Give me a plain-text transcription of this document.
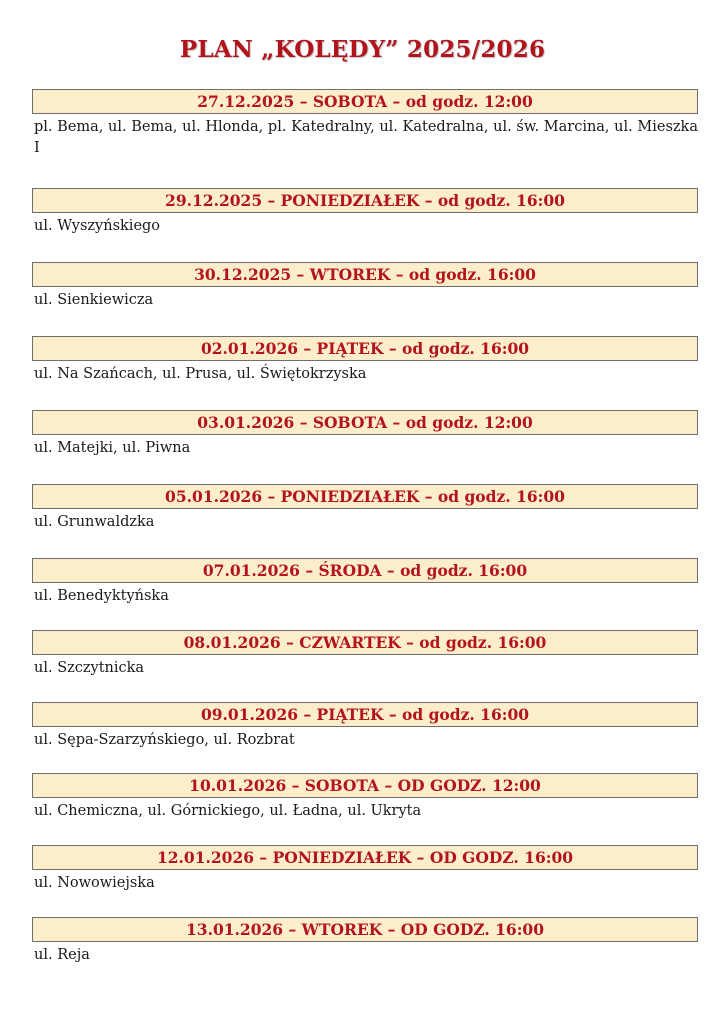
PLAN „KOLĘDY” 2025/2026
27.12.2025 – SOBOTA – od godz. 12:00
pl. Bema, ul. Bema, ul. Hlonda, pl. Katedralny, ul. Katedralna, ul. św. Marcina, ul. Mieszka I
29.12.2025 – PONIEDZIAŁEK – od godz. 16:00
ul. Wyszyńskiego
30.12.2025 – WTOREK – od godz. 16:00
ul. Sienkiewicza
02.01.2026 – PIĄTEK – od godz. 16:00
ul. Na Szańcach, ul. Prusa, ul. Świętokrzyska
03.01.2026 – SOBOTA – od godz. 12:00
ul. Matejki, ul. Piwna
05.01.2026 – PONIEDZIAŁEK – od godz. 16:00
ul. Grunwaldzka
07.01.2026 – ŚRODA – od godz. 16:00
ul. Benedyktyńska
08.01.2026 – CZWARTEK – od godz. 16:00
ul. Szczytnicka
09.01.2026 – PIĄTEK – od godz. 16:00
ul. Sępa-Szarzyńskiego, ul. Rozbrat
10.01.2026 – SOBOTA – OD GODZ. 12:00
ul. Chemiczna, ul. Górnickiego, ul. Ładna, ul. Ukryta
12.01.2026 – PONIEDZIAŁEK – OD GODZ. 16:00
ul. Nowowiejska
13.01.2026 – WTOREK – OD GODZ. 16:00
ul. Reja
